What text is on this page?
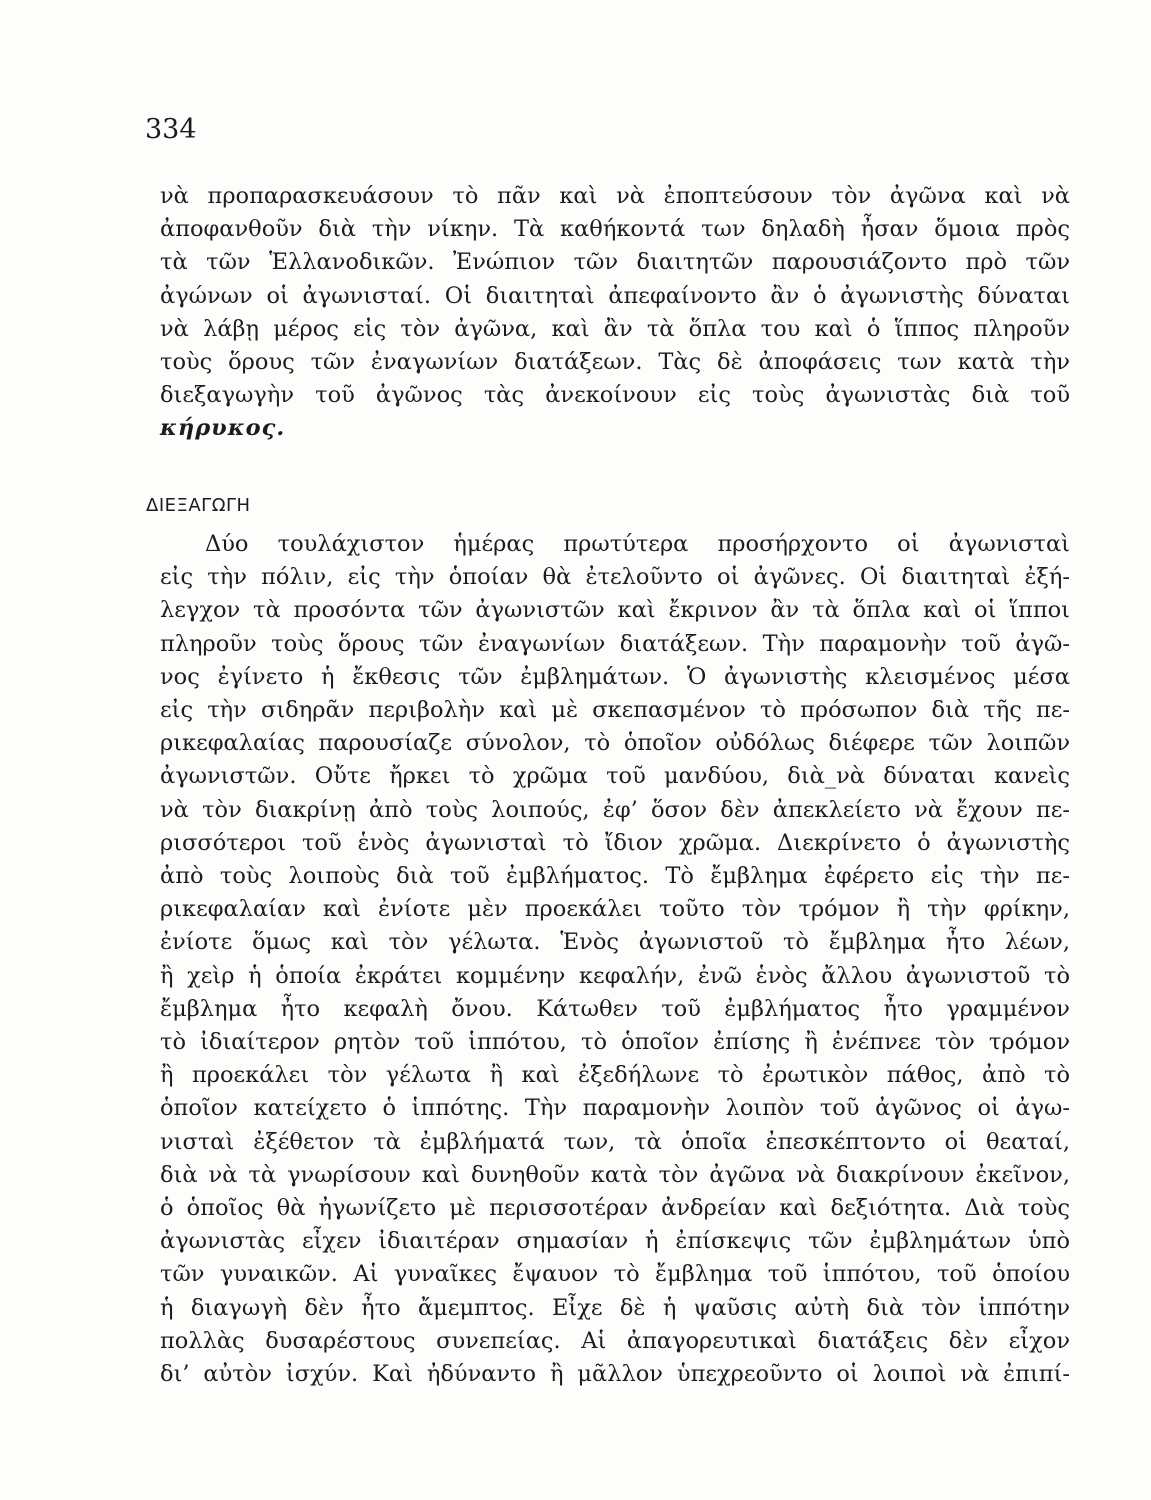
334
νὰ προπαρασκευάσουν τὸ πᾶν καὶ νὰ ἐποπτεύσουν τὸν ἀγῶνα καὶ νὰ
ἀποφανθοῦν διὰ τὴν νίκην. Τὰ καθήκοντά των δηλαδὴ ἦσαν ὅμοια πρὸς
τὰ τῶν Ἑλλανοδικῶν. Ἐνώπιον τῶν διαιτητῶν παρουσιάζοντο πρὸ τῶν
ἀγώνων οἱ ἀγωνισταί. Οἱ διαιτηταὶ ἀπεφαίνοντο ἂν ὁ ἀγωνιστὴς δύναται
νὰ λάβῃ μέρος εἰς τὸν ἀγῶνα, καὶ ἂν τὰ ὅπλα του καὶ ὁ ἵππος πληροῦν
τοὺς ὅρους τῶν ἐναγωνίων διατάξεων. Τὰς δὲ ἀποφάσεις των κατὰ τὴν
διεξαγωγὴν τοῦ ἀγῶνος τὰς ἀνεκοίνουν εἰς τοὺς ἀγωνιστὰς διὰ τοῦ
κήρυκος.
ΔΙΕΞΑΓΩΓΗ
Δύο τουλάχιστον ἡμέρας πρωτύτερα προσήρχοντο οἱ ἀγωνισταὶ
εἰς τὴν πόλιν, εἰς τὴν ὁποίαν θὰ ἐτελοῦντο οἱ ἀγῶνες. Οἱ διαιτηταὶ ἐξή-
λεγχον τὰ προσόντα τῶν ἀγωνιστῶν καὶ ἔκρινον ἂν τὰ ὅπλα καὶ οἱ ἵπποι
πληροῦν τοὺς ὅρους τῶν ἐναγωνίων διατάξεων. Τὴν παραμονὴν τοῦ ἀγῶ-
νος ἐγίνετο ἡ ἔκθεσις τῶν ἐμβλημάτων. Ὁ ἀγωνιστὴς κλεισμένος μέσα
εἰς τὴν σιδηρᾶν περιβολὴν καὶ μὲ σκεπασμένον τὸ πρόσωπον διὰ τῆς πε-
ρικεφαλαίας παρουσίαζε σύνολον, τὸ ὁποῖον οὐδόλως διέφερε τῶν λοιπῶν
ἀγωνιστῶν. Οὔτε ἤρκει τὸ χρῶμα τοῦ μανδύου, διὰ_νὰ δύναται κανεὶς
νὰ τὸν διακρίνῃ ἀπὸ τοὺς λοιπούς, ἐφ’ ὅσον δὲν ἀπεκλείετο νὰ ἔχουν πε-
ρισσότεροι τοῦ ἑνὸς ἀγωνισταὶ τὸ ἴδιον χρῶμα. Διεκρίνετο ὁ ἀγωνιστὴς
ἀπὸ τοὺς λοιποὺς διὰ τοῦ ἐμβλήματος. Τὸ ἔμβλημα ἐφέρετο εἰς τὴν πε-
ρικεφαλαίαν καὶ ἐνίοτε μὲν προεκάλει τοῦτο τὸν τρόμον ἢ τὴν φρίκην,
ἐνίοτε ὅμως καὶ τὸν γέλωτα. Ἑνὸς ἀγωνιστοῦ τὸ ἔμβλημα ἦτο λέων,
ἢ χεὶρ ἡ ὁποία ἐκράτει κομμένην κεφαλήν, ἐνῶ ἑνὸς ἄλλου ἀγωνιστοῦ τὸ
ἔμβλημα ἦτο κεφαλὴ ὄνου. Κάτωθεν τοῦ ἐμβλήματος ἦτο γραμμένον
τὸ ἰδιαίτερον ρητὸν τοῦ ἱππότου, τὸ ὁποῖον ἐπίσης ἢ ἐνέπνεε τὸν τρόμον
ἢ προεκάλει τὸν γέλωτα ἢ καὶ ἐξεδήλωνε τὸ ἐρωτικὸν πάθος, ἀπὸ τὸ
ὁποῖον κατείχετο ὁ ἱππότης. Τὴν παραμονὴν λοιπὸν τοῦ ἀγῶνος οἱ ἀγω-
νισταὶ ἐξέθετον τὰ ἐμβλήματά των, τὰ ὁποῖα ἐπεσκέπτοντο οἱ θεαταί,
διὰ νὰ τὰ γνωρίσουν καὶ δυνηθοῦν κατὰ τὸν ἀγῶνα νὰ διακρίνουν ἐκεῖνον,
ὁ ὁποῖος θὰ ἠγωνίζετο μὲ περισσοτέραν ἀνδρείαν καὶ δεξιότητα. Διὰ τοὺς
ἀγωνιστὰς εἶχεν ἰδιαιτέραν σημασίαν ἡ ἐπίσκεψις τῶν ἐμβλημάτων ὑπὸ
τῶν γυναικῶν. Αἱ γυναῖκες ἔψαυον τὸ ἔμβλημα τοῦ ἱππότου, τοῦ ὁποίου
ἡ διαγωγὴ δὲν ἦτο ἄμεμπτος. Εἶχε δὲ ἡ ψαῦσις αὐτὴ διὰ τὸν ἱππότην
πολλὰς δυσαρέστους συνεπείας. Αἱ ἀπαγορευτικαὶ διατάξεις δὲν εἶχον
δι’ αὐτὸν ἰσχύν. Καὶ ἠδύναντο ἢ μᾶλλον ὑπεχρεοῦντο οἱ λοιποὶ νὰ ἐπιπί-
